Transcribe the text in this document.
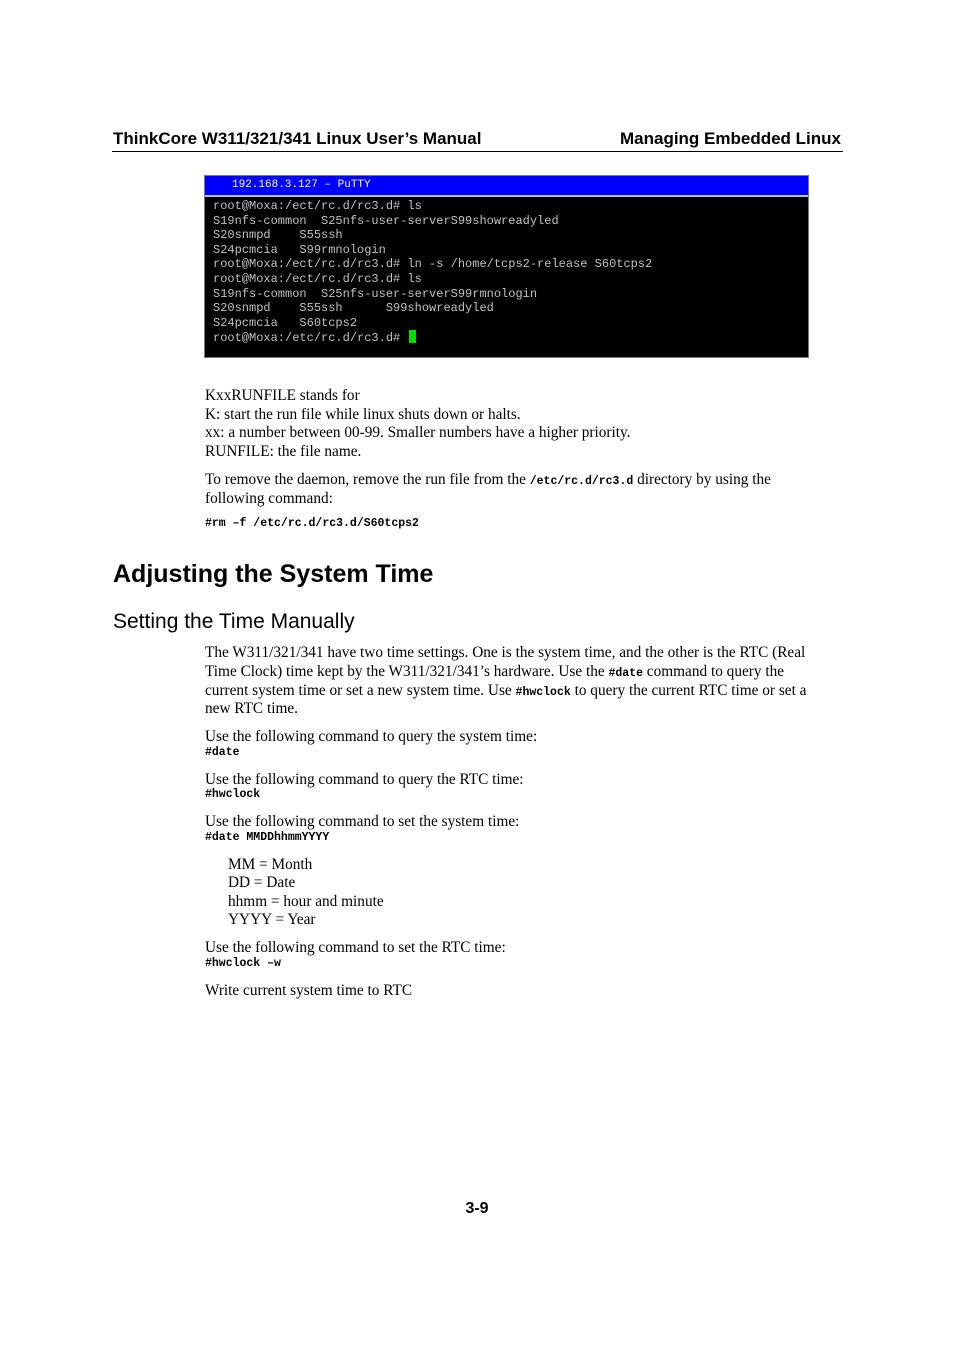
ThinkCore W311/321/341 Linux User’s Manual	Managing Embedded Linux
192.168.3.127 – PuTTY
root@Moxa:/ect/rc.d/rc3.d# ls
S19nfs-common  S25nfs-user-serverS99showreadyled
S20snmpd    S55ssh
S24pcmcia   S99rmnologin
root@Moxa:/ect/rc.d/rc3.d# ln -s /home/tcps2-release S60tcps2
root@Moxa:/ect/rc.d/rc3.d# ls
S19nfs-common  S25nfs-user-serverS99rmnologin
S20snmpd    S55ssh      S99showreadyled
S24pcmcia   S60tcps2
root@Moxa:/etc/rc.d/rc3.d#
KxxRUNFILE stands for
K: start the run file while linux shuts down or halts.
xx: a number between 00-99. Smaller numbers have a higher priority.
RUNFILE: the file name.
To remove the daemon, remove the run file from the /etc/rc.d/rc3.d directory by using the
following command:
#rm –f /etc/rc.d/rc3.d/S60tcps2
Adjusting the System Time
Setting the Time Manually
The W311/321/341 have two time settings. One is the system time, and the other is the RTC (Real
Time Clock) time kept by the W311/321/341’s hardware. Use the #date command to query the
current system time or set a new system time. Use #hwclock to query the current RTC time or set a
new RTC time.
Use the following command to query the system time:
#date
Use the following command to query the RTC time:
#hwclock
Use the following command to set the system time:
#date MMDDhhmmYYYY
MM = Month
DD = Date
hhmm = hour and minute
YYYY = Year
Use the following command to set the RTC time:
#hwclock –w
Write current system time to RTC
3-9
